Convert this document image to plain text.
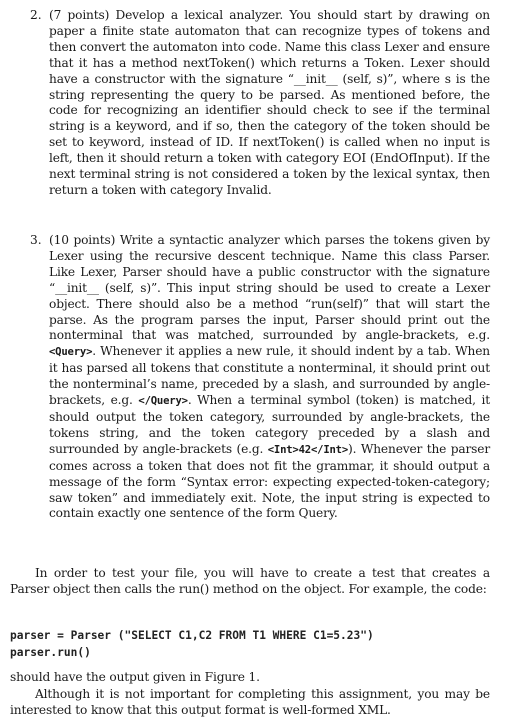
2. (7 points) Develop a lexical analyzer. You should start by drawing on paper a finite state automaton that can recognize types of tokens and then convert the automaton into code. Name this class Lexer and ensure that it has a method nextToken() which returns a Token. Lexer should have a constructor with the signature “__init__ (self, s)”, where s is the string representing the query to be parsed. As mentioned before, the code for recognizing an identifier should check to see if the terminal string is a keyword, and if so, then the category of the token should be set to keyword, instead of ID. If nextToken() is called when no input is left, then it should return a token with category EOI (EndOfInput). If the next terminal string is not considered a token by the lexical syntax, then return a token with category Invalid.
3. (10 points) Write a syntactic analyzer which parses the tokens given by Lexer using the recursive descent technique. Name this class Parser. Like Lexer, Parser should have a public constructor with the signature “__init__ (self, s)”. This input string should be used to create a Lexer object. There should also be a method “run(self)” that will start the parse. As the program parses the input, Parser should print out the nonterminal that was matched, surrounded by angle-brackets, e.g. <Query>. Whenever it applies a new rule, it should indent by a tab. When it has parsed all tokens that constitute a nonterminal, it should print out the nonterminal’s name, preceded by a slash, and surrounded by angle-brackets, e.g. </Query>. When a terminal symbol (token) is matched, it should output the token category, surrounded by angle-brackets, the tokens string, and the token category preceded by a slash and surrounded by angle-brackets (e.g. <Int>42</Int>). Whenever the parser comes across a token that does not fit the grammar, it should output a message of the form “Syntax error: expecting expected-token-category; saw token” and immediately exit. Note, the input string is expected to contain exactly one sentence of the form Query.
In order to test your file, you will have to create a test that creates a Parser object then calls the run() method on the object. For example, the code:
parser = Parser ("SELECT C1,C2 FROM T1 WHERE C1=5.23")
parser.run()
should have the output given in Figure 1.
Although it is not important for completing this assignment, you may be interested to know that this output format is well-formed XML.
